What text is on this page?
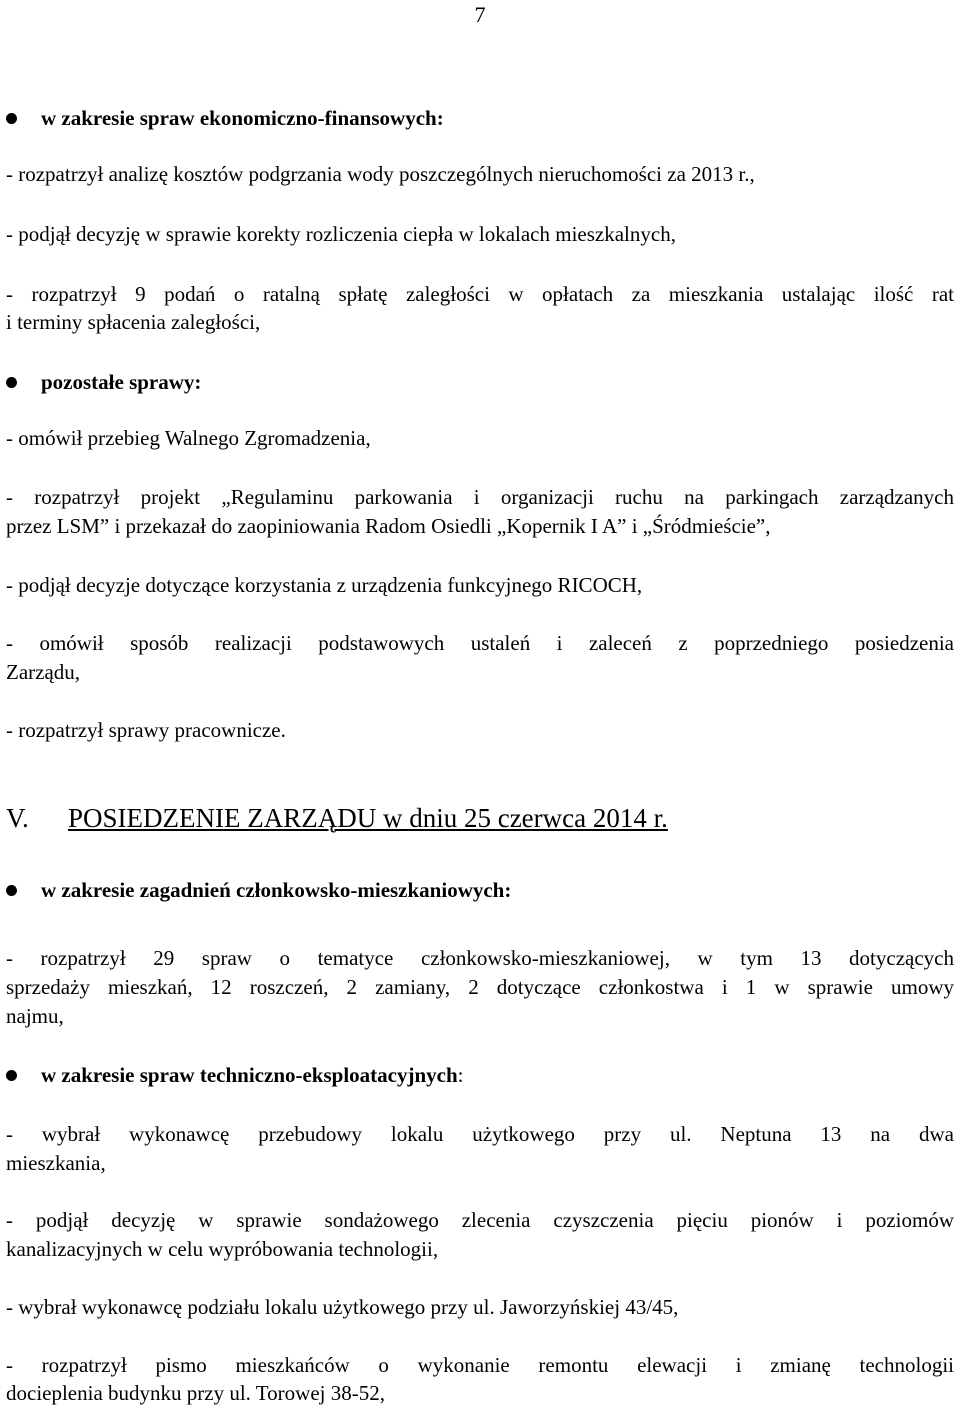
7
w zakresie spraw ekonomiczno-finansowych:
- rozpatrzył analizę kosztów podgrzania wody poszczególnych nieruchomości za 2013 r.,
- podjął decyzję w sprawie korekty rozliczenia ciepła w lokalach mieszkalnych,
- rozpatrzył 9 podań o ratalną spłatę zaległości w opłatach za mieszkania ustalając ilość rat
i terminy spłacenia zaległości,
pozostałe sprawy:
- omówił przebieg Walnego Zgromadzenia,
- rozpatrzył projekt „Regulaminu parkowania i organizacji ruchu na parkingach zarządzanych
przez LSM” i przekazał do zaopiniowania Radom Osiedli „Kopernik I A” i „Śródmieście”,
- podjął decyzje dotyczące korzystania z urządzenia funkcyjnego RICOCH,
- omówił sposób realizacji podstawowych ustaleń i zaleceń z poprzedniego posiedzenia
Zarządu,
- rozpatrzył sprawy pracownicze.
V. POSIEDZENIE ZARZĄDU w dniu 25 czerwca 2014 r.
w zakresie zagadnień członkowsko-mieszkaniowych:
- rozpatrzył 29 spraw o tematyce członkowsko-mieszkaniowej, w tym 13 dotyczących
sprzedaży mieszkań, 12 roszczeń, 2 zamiany, 2 dotyczące członkostwa i 1 w sprawie umowy
najmu,
w zakresie spraw techniczno-eksploatacyjnych:
- wybrał wykonawcę przebudowy lokalu użytkowego przy ul. Neptuna 13 na dwa
mieszkania,
- podjął decyzję w sprawie sondażowego zlecenia czyszczenia pięciu pionów i poziomów
kanalizacyjnych w celu wypróbowania technologii,
- wybrał wykonawcę podziału lokalu użytkowego przy ul. Jaworzyńskiej 43/45,
- rozpatrzył pismo mieszkańców o wykonanie remontu elewacji i zmianę technologii
docieplenia budynku przy ul. Torowej 38-52,
